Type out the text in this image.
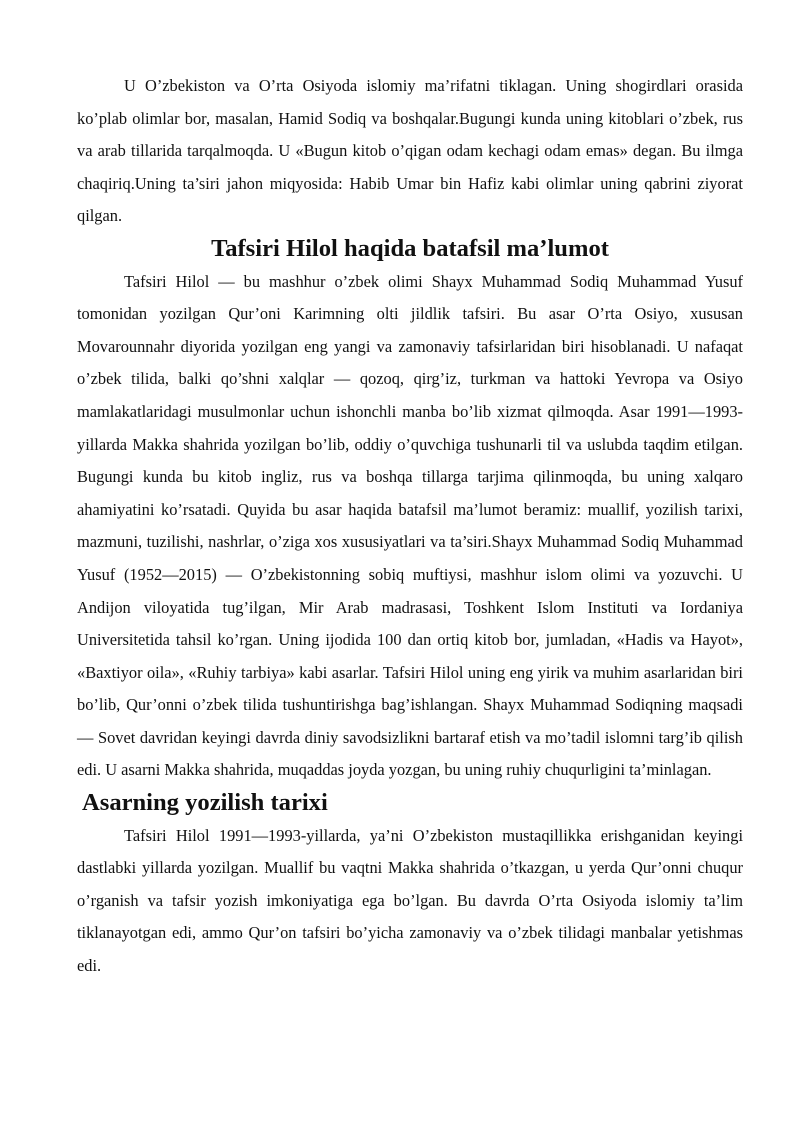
U O’zbekiston va O’rta Osiyoda islomiy ma’rifatni tiklagan. Uning shogirdlari orasida ko’plab olimlar bor, masalan, Hamid Sodiq va boshqalar.Bugungi kunda uning kitoblari o’zbek, rus va arab tillarida tarqalmoqda. U «Bugun kitob o’qigan odam kechagi odam emas» degan. Bu ilmga chaqiriq.Uning ta’siri jahon miqyosida: Habib Umar bin Hafiz kabi olimlar uning qabrini ziyorat qilgan.

Tafsiri Hilol haqida batafsil ma’lumot

Tafsiri Hilol — bu mashhur o’zbek olimi Shayx Muhammad Sodiq Muhammad Yusuf tomonidan yozilgan Qur’oni Karimning olti jildlik tafsiri. Bu asar O’rta Osiyo, xususan Movarounnahr diyorida yozilgan eng yangi va zamonaviy tafsirlaridan biri hisoblanadi. U nafaqat o’zbek tilida, balki qo’shni xalqlar — qozoq, qirg’iz, turkman va hattoki Yevropa va Osiyo mamlakatlaridagi musulmonlar uchun ishonchli manba bo’lib xizmat qilmoqda. Asar 1991—1993-yillarda Makka shahrida yozilgan bo’lib, oddiy o’quvchiga tushunarli til va uslubda taqdim etilgan. Bugungi kunda bu kitob ingliz, rus va boshqa tillarga tarjima qilinmoqda, bu uning xalqaro ahamiyatini ko’rsatadi. Quyida bu asar haqida batafsil ma’lumot beramiz: muallif, yozilish tarixi, mazmuni, tuzilishi, nashrlar, o’ziga xos xususiyatlari va ta’siri.Shayx Muhammad Sodiq Muhammad Yusuf (1952—2015) — O’zbekistonning sobiq muftiysi, mashhur islom olimi va yozuvchi. U Andijon viloyatida tug’ilgan, Mir Arab madrasasi, Toshkent Islom Instituti va Iordaniya Universitetida tahsil ko’rgan. Uning ijodida 100 dan ortiq kitob bor, jumladan, «Hadis va Hayot», «Baxtiyor oila», «Ruhiy tarbiya» kabi asarlar. Tafsiri Hilol uning eng yirik va muhim asarlaridan biri bo’lib, Qur’onni o’zbek tilida tushuntirishga bag’ishlangan. Shayx Muhammad Sodiqning maqsadi — Sovet davridan keyingi davrda diniy savodsizlikni bartaraf etish va mo’tadil islomni targ’ib qilish edi. U asarni Makka shahrida, muqaddas joyda yozgan, bu uning ruhiy chuqurligini ta’minlagan.

Asarning yozilish tarixi

Tafsiri Hilol 1991—1993-yillarda, ya’ni O’zbekiston mustaqillikka erishganidan keyingi dastlabki yillarda yozilgan. Muallif bu vaqtni Makka shahrida o’tkazgan, u yerda Qur’onni chuqur o’rganish va tafsir yozish imkoniyatiga ega bo’lgan. Bu davrda O’rta Osiyoda islomiy ta’lim tiklanayotgan edi, ammo Qur’on tafsiri bo’yicha zamonaviy va o’zbek tilidagi manbalar yetishmas edi.
